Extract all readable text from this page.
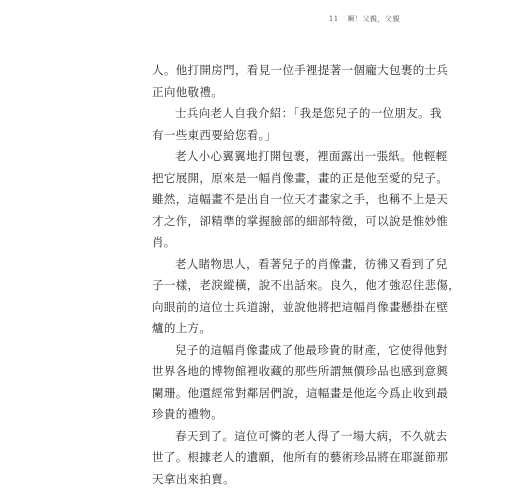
11 啊！父親，父親
人。他打開房門，看見一位手裡提著一個龐大包裹的士兵
正向他敬禮。
士兵向老人自我介紹：「我是您兒子的一位朋友。我
有一些東西要給您看。」
老人小心翼翼地打開包裹，裡面露出一張紙。他輕輕
把它展開，原來是一幅肖像畫，畫的正是他至愛的兒子。
雖然，這幅畫不是出自一位天才畫家之手，也稱不上是天
才之作，卻精準的掌握臉部的細部特徵，可以說是惟妙惟
肖。
老人睹物思人，看著兒子的肖像畫，彷彿又看到了兒
子一樣，老淚縱橫，說不出話來。良久，他才強忍住悲傷，
向眼前的這位士兵道謝，並說他將把這幅肖像畫懸掛在壁
爐的上方。
兒子的這幅肖像畫成了他最珍貴的財產，它使得他對
世界各地的博物館裡收藏的那些所謂無價珍品也感到意興
闌珊。他還經常對鄰居們說，這幅畫是他迄今爲止收到最
珍貴的禮物。
春天到了。這位可憐的老人得了一場大病，不久就去
世了。根據老人的遺願，他所有的藝術珍品將在耶誕節那
天拿出來拍賣。
